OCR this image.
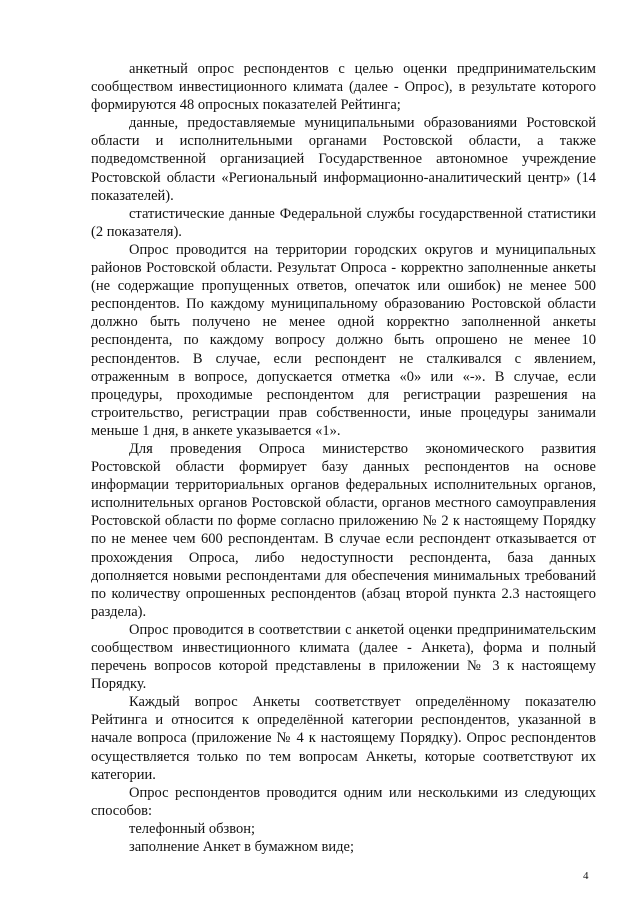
анкетный опрос респондентов с целью оценки предпринимательским сообществом инвестиционного климата (далее - Опрос), в результате которого формируются 48 опросных показателей Рейтинга;

данные, предоставляемые муниципальными образованиями Ростовской области и исполнительными органами Ростовской области, а также подведомственной организацией Государственное автономное учреждение Ростовской области «Региональный информационно-аналитический центр» (14 показателей).

статистические данные Федеральной службы государственной статистики (2 показателя).

Опрос проводится на территории городских округов и муниципальных районов Ростовской области. Результат Опроса - корректно заполненные анкеты (не содержащие пропущенных ответов, опечаток или ошибок) не менее 500 респондентов. По каждому муниципальному образованию Ростовской области должно быть получено не менее одной корректно заполненной анкеты респондента, по каждому вопросу должно быть опрошено не менее 10 респондентов. В случае, если респондент не сталкивался с явлением, отраженным в вопросе, допускается отметка «0» или «-». В случае, если процедуры, проходимые респондентом для регистрации разрешения на строительство, регистрации прав собственности, иные процедуры занимали меньше 1 дня, в анкете указывается «1».

Для проведения Опроса министерство экономического развития Ростовской области формирует базу данных респондентов на основе информации территориальных органов федеральных исполнительных органов, исполнительных органов Ростовской области, органов местного самоуправления Ростовской области по форме согласно приложению № 2 к настоящему Порядку по не менее чем 600 респондентам. В случае если респондент отказывается от прохождения Опроса, либо недоступности респондента, база данных дополняется новыми респондентами для обеспечения минимальных требований по количеству опрошенных респондентов (абзац второй пункта 2.3 настоящего раздела).

Опрос проводится в соответствии с анкетой оценки предпринимательским сообществом инвестиционного климата (далее - Анкета), форма и полный перечень вопросов которой представлены в приложении № 3 к настоящему Порядку.

Каждый вопрос Анкеты соответствует определённому показателю Рейтинга и относится к определённой категории респондентов, указанной в начале вопроса (приложение № 4 к настоящему Порядку). Опрос респондентов осуществляется только по тем вопросам Анкеты, которые соответствуют их категории.

Опрос респондентов проводится одним или несколькими из следующих способов:

телефонный обзвон;

заполнение Анкет в бумажном виде;

4
